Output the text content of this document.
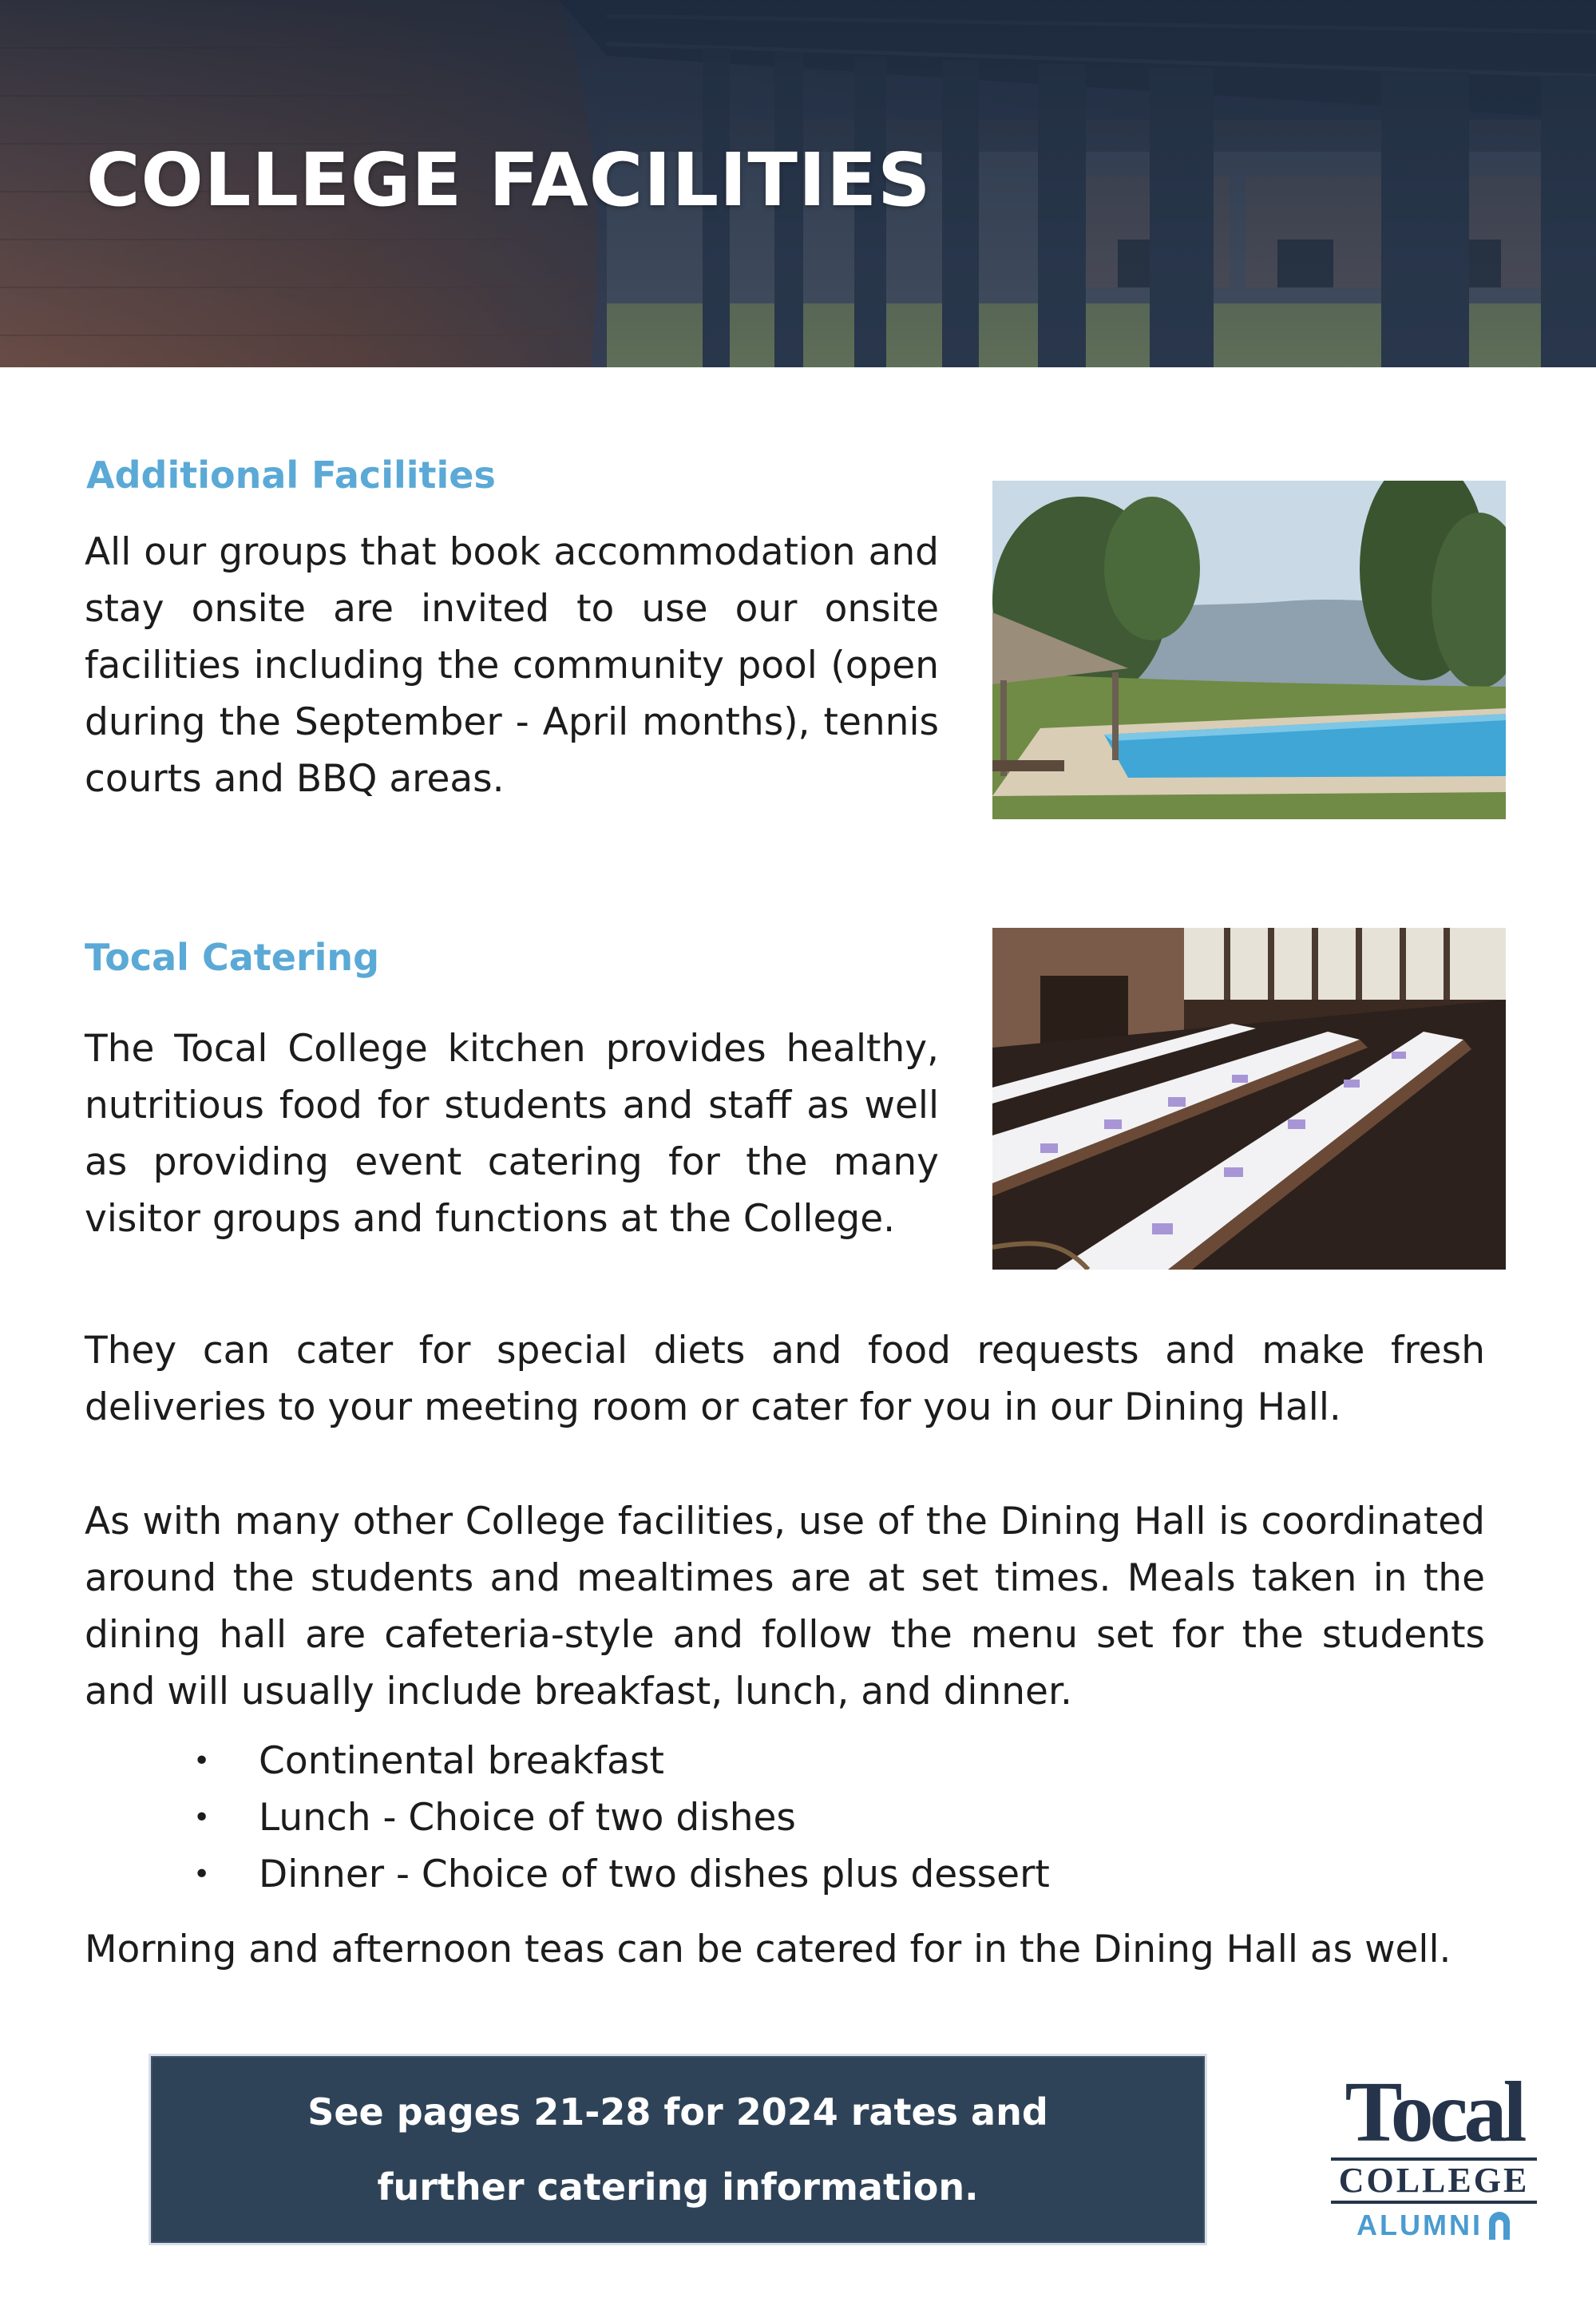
COLLEGE FACILITIES
Additional Facilities

All our groups that book accommodation and stay onsite are invited to use our onsite facilities including the community pool (open during the September - April months), tennis courts and BBQ areas.

Tocal Catering

The Tocal College kitchen provides healthy, nutritious food for students and staff as well as providing event catering for the many visitor groups and functions at the College.

They can cater for special diets and food requests and make fresh deliveries to your meeting room or cater for you in our Dining Hall.

As with many other College facilities, use of the Dining Hall is coordinated around the students and mealtimes are at set times. Meals taken in the dining hall are cafeteria-style and follow the menu set for the students and will usually include breakfast, lunch, and dinner.

• Continental breakfast
• Lunch - Choice of two dishes
• Dinner - Choice of two dishes plus dessert

Morning and afternoon teas can be catered for in the Dining Hall as well.

See pages 21-28 for 2024 rates and
further catering information.
Tocal
COLLEGE
ALUMNI
